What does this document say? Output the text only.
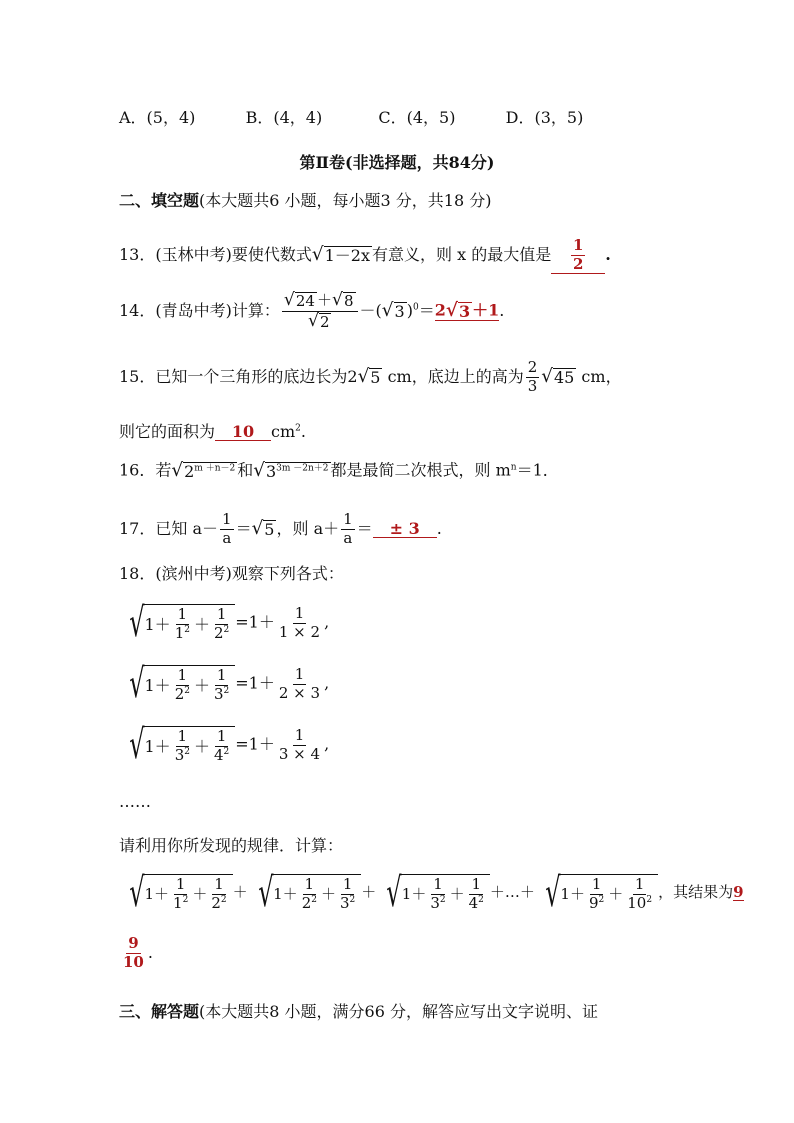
A．(5，4)	B．(4，4)	C．(4，5)	D．(3，5)
第Ⅱ卷(非选择题，共84分)
二、填空题(本大题共6 小题，每小题3 分，共18 分)
13．(玉林中考)要使代数式 √ 1－2x 有意义，则 x 的最大值是 $\frac{1}{2}$ .
14．(青岛中考)计算： $\frac{√ 24 + √ 8}{√ 2}$ －( √ 3 )$^0$＝2 √ 3 ＋1.
15．已知一个三角形的底边长为2 √ 5 cm，底边上的高为 $\frac{2}{3}$ √ 45 cm，
则它的面积为 10 $cm^2$.
16．若 √ $2^{m +n-2}$ 和 √ $3^{3m -2n+2}$ 都是最简二次根式，则 $m^n=1$．
17．已知 $a- \frac{1}{a}$ ＝ √ 5 ，则 $a+ \frac{1}{a}$ ＝ ± 3 .
18．(滨州中考)观察下列各式：
√ $1+ \frac{1}{1^2} + \frac{1}{2^2} =1+ \frac{1}{1 \times 2}$ ,
√ $1+ \frac{1}{2^2} + \frac{1}{3^2} =1+ \frac{1}{2 \times 3}$ ,
√ $1+ \frac{1}{3^2} + \frac{1}{4^2} =1+ \frac{1}{3 \times 4}$ ,
……
请利用你所发现的规律．计算：
√ $1+ \frac{1}{1^2} + \frac{1}{2^2}$ ＋ √ $1+ \frac{1}{2^2} + \frac{1}{3^2}$ ＋ √ $1+ \frac{1}{3^2} + \frac{1}{4^2}$ ＋…＋ √ $1+ \frac{1}{9^2} + \frac{1}{10^2}$ ，其结果为9
$\frac{9}{10}$ .
三、解答题(本大题共8 小题，满分66 分，解答应写出文字说明、证
